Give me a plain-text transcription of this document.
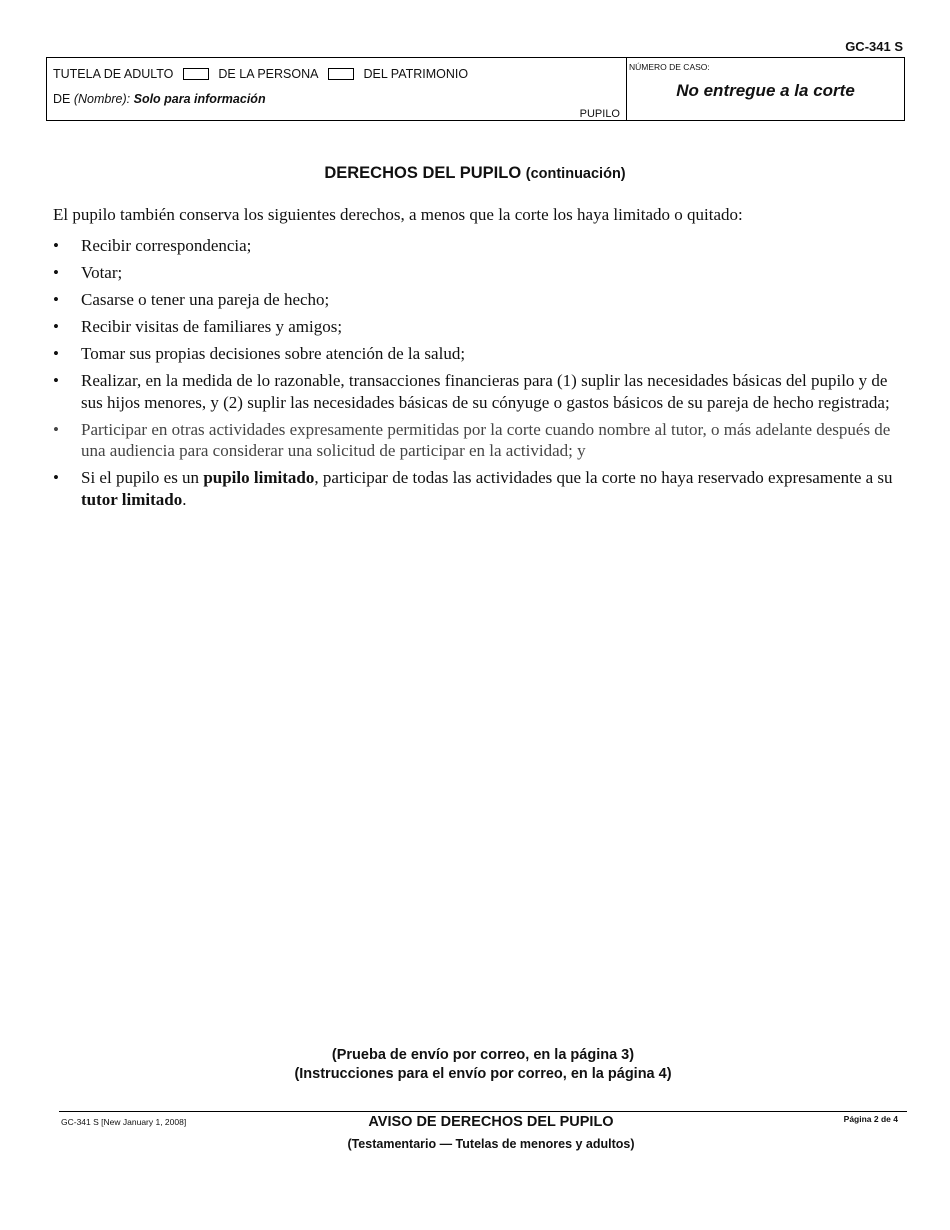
GC-341 S
TUTELA DE ADULTO	DE LA PERSONA	DEL PATRIMONIO
DE (Nombre): Solo para información
PUPILO
NÚMERO DE CASO:
No entregue a la corte
DERECHOS DEL PUPILO (continuación)
El pupilo también conserva los siguientes derechos, a menos que la corte los haya limitado o quitado:
• Recibir correspondencia;
• Votar;
• Casarse o tener una pareja de hecho;
• Recibir visitas de familiares y amigos;
• Tomar sus propias decisiones sobre atención de la salud;
• Realizar, en la medida de lo razonable, transacciones financieras para (1) suplir las necesidades básicas del pupilo y de sus hijos menores, y (2) suplir las necesidades básicas de su cónyuge o gastos básicos de su pareja de hecho registrada;
• Participar en otras actividades expresamente permitidas por la corte cuando nombre al tutor, o más adelante después de una audiencia para considerar una solicitud de participar en la actividad; y
• Si el pupilo es un pupilo limitado, participar de todas las actividades que la corte no haya reservado expresamente a su tutor limitado.
(Prueba de envío por correo, en la página 3)
(Instrucciones para el envío por correo, en la página 4)
GC-341 S [New January 1, 2008]	AVISO DE DERECHOS DEL PUPILO
(Testamentario — Tutelas de menores y adultos)
Página 2 de 4
